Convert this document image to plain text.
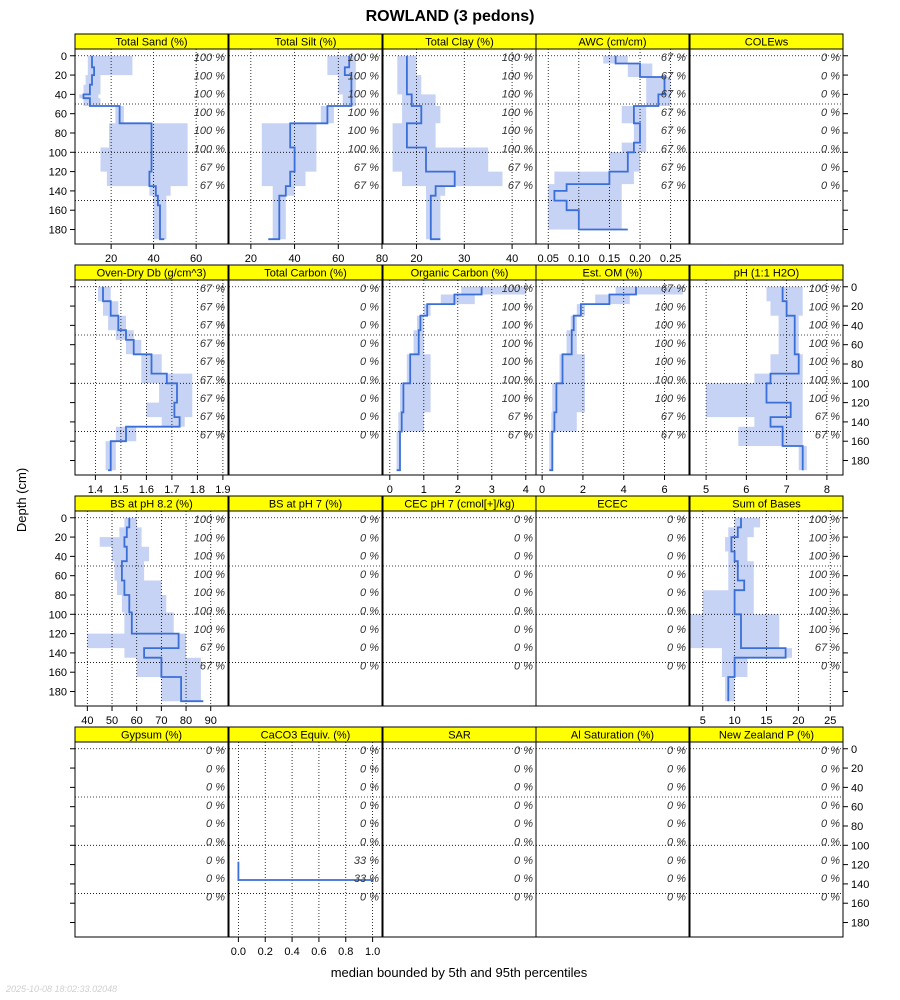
ROWLAND (3 pedons)
Depth (cm)
median bounded by 5th and 95th percentiles
2025-10-08 18:02:33.02048
0
20
40
60
80
100
120
140
160
180
Total Sand (%)
100 %
100 %
100 %
100 %
100 %
100 %
67 %
67 %
20	40	60
Total Silt (%)
100 %
100 %
100 %
100 %
100 %
100 %
67 %
67 %
20	40	60	80
Total Clay (%)
100 %
100 %
100 %
100 %
100 %
100 %
67 %
67 %
20	30	40
AWC (cm/cm)
67 %
67 %
67 %
67 %
67 %
67 %
67 %
67 %
0.05 0.10 0.15 0.20 0.25
COLEws
0 %
0 %
0 %
0 %
0 %
0 %
0 %
0 %
0
20
40
60
80
100
120
140
160
180
Oven-Dry Db (g/cm^3)
67 %
67 %
67 %
67 %
67 %
67 %
67 %
67 %
67 %
1.4 1.5 1.6 1.7 1.8 1.9
Total Carbon (%)
0 %
0 %
0 %
0 %
0 %
0 %
0 %
0 %
0 %
Organic Carbon (%)
100 %
100 %
100 %
100 %
100 %
100 %
100 %
67 %
67 %
0	1	2	3	4
Est. OM (%)
67 %
100 %
100 %
100 %
100 %
100 %
100 %
67 %
67 %
0	2	4	6
pH (1:1 H2O)
100 %
100 %
100 %
100 %
100 %
100 %
100 %
67 %
67 %
5	6	7	8
0
20
40
60
80
100
120
140
160
180
BS at pH 8.2 (%)
100 %
100 %
100 %
100 %
100 %
100 %
100 %
67 %
67 %
40 50 60 70 80 90
BS at pH 7 (%)
0 %
0 %
0 %
0 %
0 %
0 %
0 %
0 %
0 %
CEC pH 7 (cmol[+]/kg)
0 %
0 %
0 %
0 %
0 %
0 %
0 %
0 %
0 %
ECEC
0 %
0 %
0 %
0 %
0 %
0 %
0 %
0 %
0 %
Sum of Bases
100 %
100 %
100 %
100 %
100 %
100 %
100 %
67 %
0 %
5 10 15 20 25
0
20
40
60
80
100
120
140
160
180
Gypsum (%)
0 %
0 %
0 %
0 %
0 %
0 %
0 %
0 %
0 %
CaCO3 Equiv. (%)
0 %
0 %
0 %
0 %
0 %
0 %
33 %
33 %
0 %
0.0 0.2 0.4 0.6 0.8 1.0
SAR
0 %
0 %
0 %
0 %
0 %
0 %
0 %
0 %
0 %
Al Saturation (%)
0 %
0 %
0 %
0 %
0 %
0 %
0 %
0 %
0 %
New Zealand P (%)
0 %
0 %
0 %
0 %
0 %
0 %
0 %
0 %
0 %
